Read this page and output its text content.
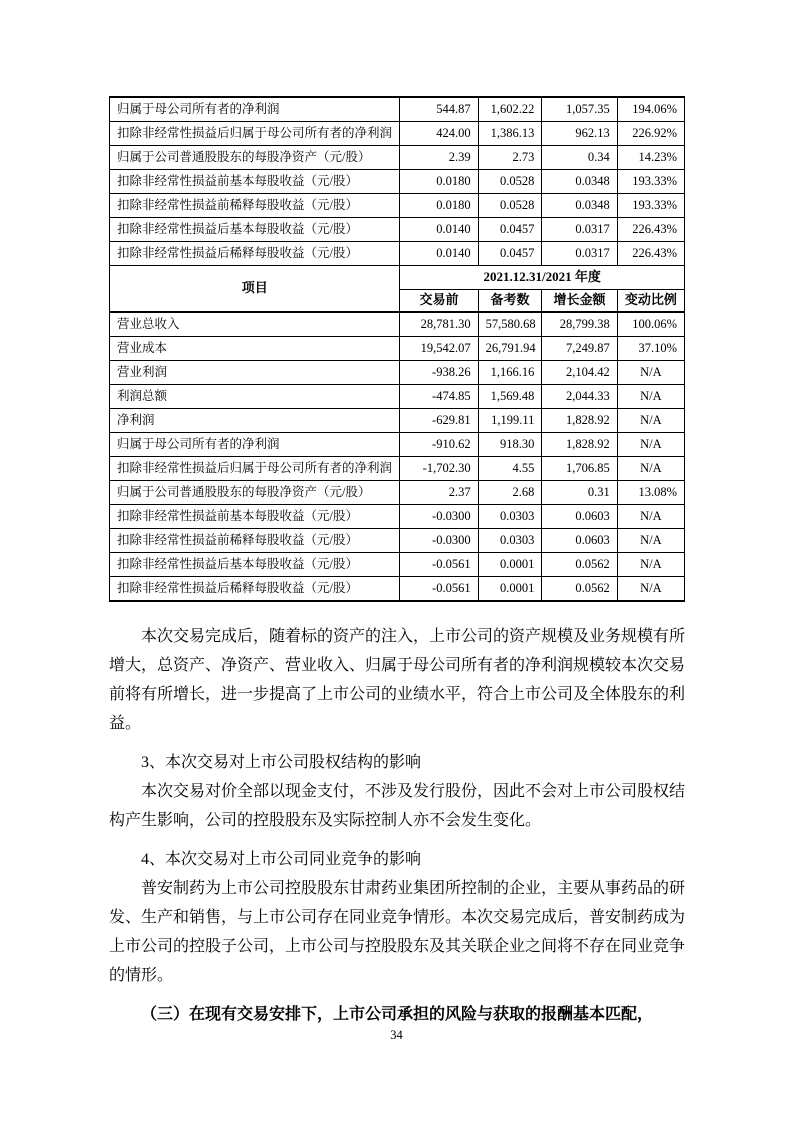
归属于母公司所有者的净利润	544.87	1,602.22	1,057.35	194.06%
扣除非经常性损益后归属于母公司所有者的净利润	424.00	1,386.13	962.13	226.92%
归属于公司普通股股东的每股净资产（元/股）	2.39	2.73	0.34	14.23%
扣除非经常性损益前基本每股收益（元/股）	0.0180	0.0528	0.0348	193.33%
扣除非经常性损益前稀释每股收益（元/股）	0.0180	0.0528	0.0348	193.33%
扣除非经常性损益后基本每股收益（元/股）	0.0140	0.0457	0.0317	226.43%
扣除非经常性损益后稀释每股收益（元/股）	0.0140	0.0457	0.0317	226.43%
项目	2021.12.31/2021 年度			
	交易前	备考数	增长金额	变动比例
营业总收入	28,781.30	57,580.68	28,799.38	100.06%
营业成本	19,542.07	26,791.94	7,249.87	37.10%
营业利润	-938.26	1,166.16	2,104.42	N/A
利润总额	-474.85	1,569.48	2,044.33	N/A
净利润	-629.81	1,199.11	1,828.92	N/A
归属于母公司所有者的净利润	-910.62	918.30	1,828.92	N/A
扣除非经常性损益后归属于母公司所有者的净利润	-1,702.30	4.55	1,706.85	N/A
归属于公司普通股股东的每股净资产（元/股）	2.37	2.68	0.31	13.08%
扣除非经常性损益前基本每股收益（元/股）	-0.0300	0.0303	0.0603	N/A
扣除非经常性损益前稀释每股收益（元/股）	-0.0300	0.0303	0.0603	N/A
扣除非经常性损益后基本每股收益（元/股）	-0.0561	0.0001	0.0562	N/A
扣除非经常性损益后稀释每股收益（元/股）	-0.0561	0.0001	0.0562	N/A

本次交易完成后，随着标的资产的注入，上市公司的资产规模及业务规模有所增大，总资产、净资产、营业收入、归属于母公司所有者的净利润规模较本次交易前将有所增长，进一步提高了上市公司的业绩水平，符合上市公司及全体股东的利益。

3、本次交易对上市公司股权结构的影响

本次交易对价全部以现金支付，不涉及发行股份，因此不会对上市公司股权结构产生影响，公司的控股股东及实际控制人亦不会发生变化。

4、本次交易对上市公司同业竞争的影响

普安制药为上市公司控股股东甘肃药业集团所控制的企业，主要从事药品的研发、生产和销售，与上市公司存在同业竞争情形。本次交易完成后，普安制药成为上市公司的控股子公司，上市公司与控股股东及其关联企业之间将不存在同业竞争的情形。

（三）在现有交易安排下，上市公司承担的风险与获取的报酬基本匹配，

34
